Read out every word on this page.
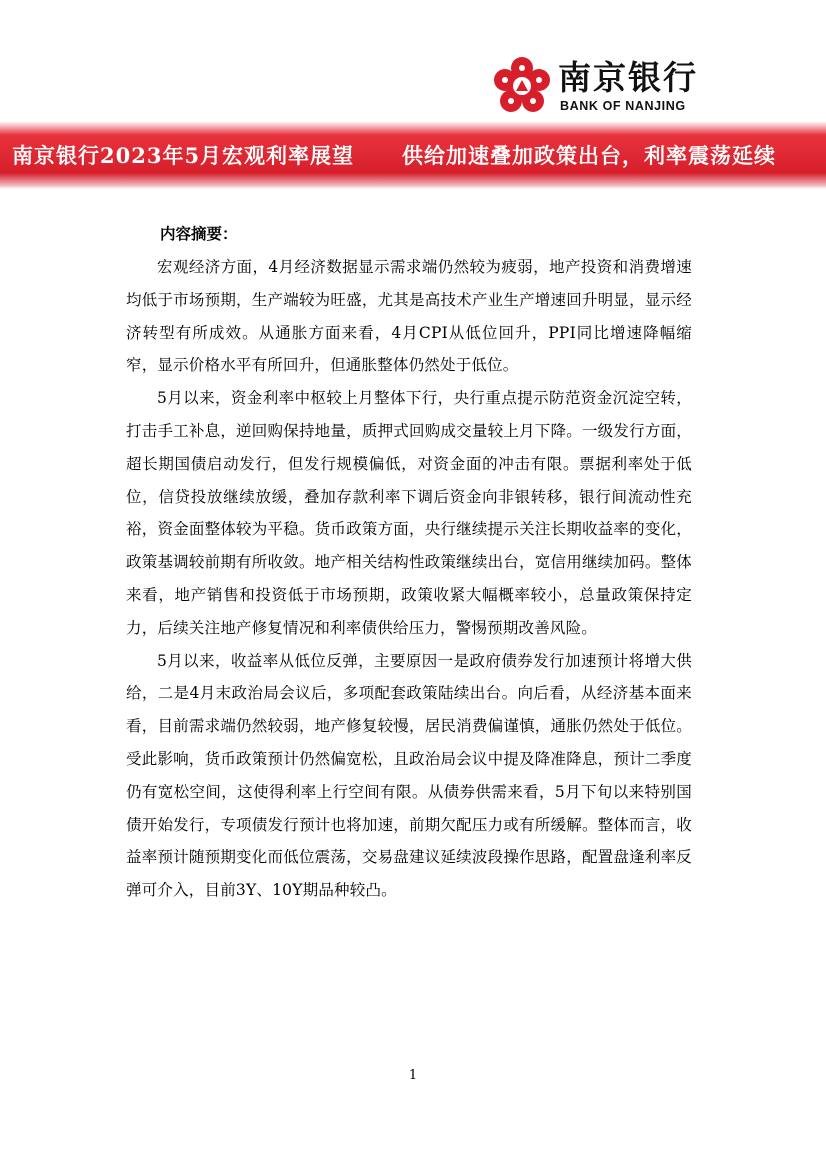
南京银行
BANK OF NANJING
南京银行2023年5月宏观利率展望 供给加速叠加政策出台，利率震荡延续

内容摘要：

宏观经济方面，4月经济数据显示需求端仍然较为疲弱，地产投资和消费增速均低于市场预期，生产端较为旺盛，尤其是高技术产业生产增速回升明显，显示经济转型有所成效。从通胀方面来看，4月CPI从低位回升，PPI同比增速降幅缩窄，显示价格水平有所回升，但通胀整体仍然处于低位。

5月以来，资金利率中枢较上月整体下行，央行重点提示防范资金沉淀空转，打击手工补息，逆回购保持地量，质押式回购成交量较上月下降。一级发行方面，超长期国债启动发行，但发行规模偏低，对资金面的冲击有限。票据利率处于低位，信贷投放继续放缓，叠加存款利率下调后资金向非银转移，银行间流动性充裕，资金面整体较为平稳。货币政策方面，央行继续提示关注长期收益率的变化，政策基调较前期有所收敛。地产相关结构性政策继续出台，宽信用继续加码。整体来看，地产销售和投资低于市场预期，政策收紧大幅概率较小，总量政策保持定力，后续关注地产修复情况和利率债供给压力，警惕预期改善风险。

5月以来，收益率从低位反弹，主要原因一是政府债券发行加速预计将增大供给，二是4月末政治局会议后，多项配套政策陆续出台。向后看，从经济基本面来看，目前需求端仍然较弱，地产修复较慢，居民消费偏谨慎，通胀仍然处于低位。受此影响，货币政策预计仍然偏宽松，且政治局会议中提及降准降息，预计二季度仍有宽松空间，这使得利率上行空间有限。从债券供需来看，5月下旬以来特别国债开始发行，专项债发行预计也将加速，前期欠配压力或有所缓解。整体而言，收益率预计随预期变化而低位震荡，交易盘建议延续波段操作思路，配置盘逢利率反弹可介入，目前3Y、10Y期品种较凸。

1
